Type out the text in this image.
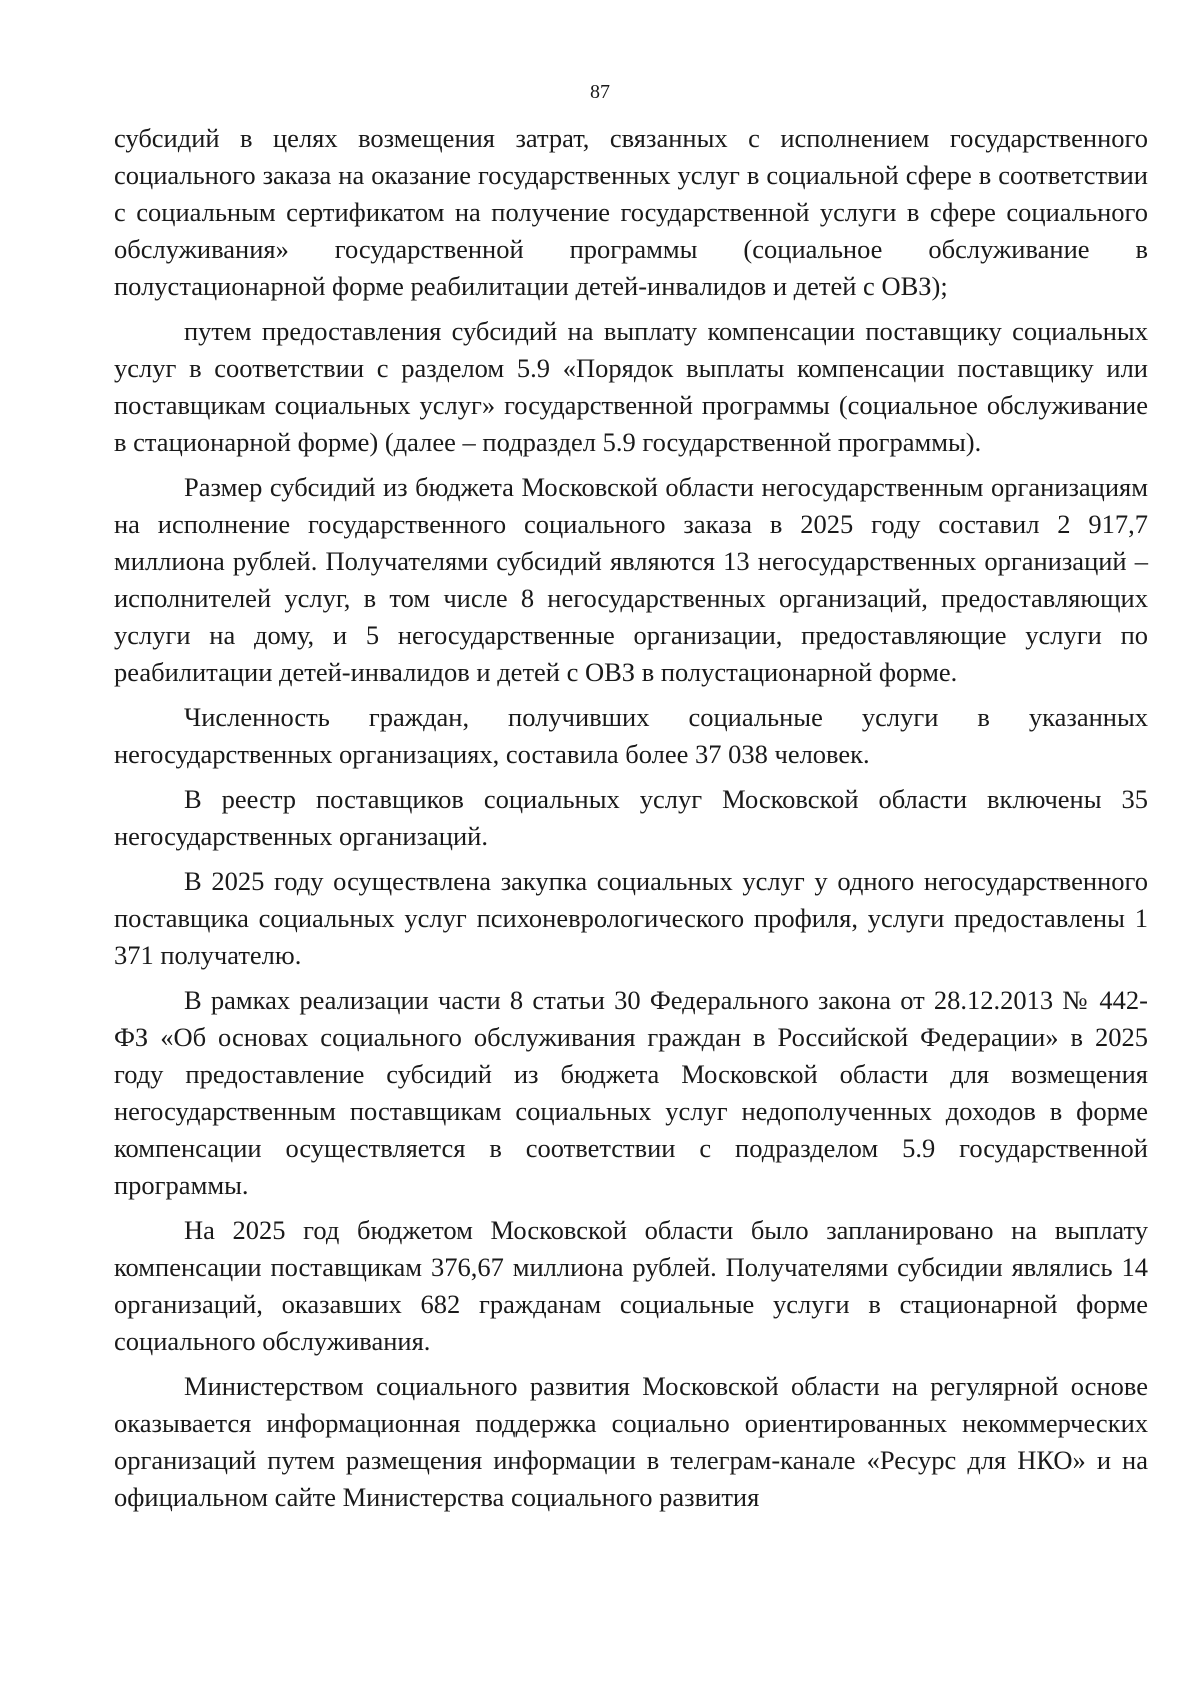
87

субсидий в целях возмещения затрат, связанных с исполнением государственного социального заказа на оказание государственных услуг в социальной сфере в соответствии с социальным сертификатом на получение государственной услуги в сфере социального обслуживания» государственной программы (социальное обслуживание в полустационарной форме реабилитации детей-инвалидов и детей с ОВЗ);

путем предоставления субсидий на выплату компенсации поставщику социальных услуг в соответствии с разделом 5.9 «Порядок выплаты компенсации поставщику или поставщикам социальных услуг» государственной программы (социальное обслуживание в стационарной форме) (далее – подраздел 5.9 государственной программы).

Размер субсидий из бюджета Московской области негосударственным организациям на исполнение государственного социального заказа в 2025 году составил 2 917,7 миллиона рублей. Получателями субсидий являются 13 негосударственных организаций – исполнителей услуг, в том числе 8 негосударственных организаций, предоставляющих услуги на дому, и 5 негосударственные организации, предоставляющие услуги по реабилитации детей-инвалидов и детей с ОВЗ в полустационарной форме.

Численность граждан, получивших социальные услуги в указанных негосударственных организациях, составила более 37 038 человек.

В реестр поставщиков социальных услуг Московской области включены 35 негосударственных организаций.

В 2025 году осуществлена закупка социальных услуг у одного негосударственного поставщика социальных услуг психоневрологического профиля, услуги предоставлены 1 371 получателю.

В рамках реализации части 8 статьи 30 Федерального закона от 28.12.2013 № 442-ФЗ «Об основах социального обслуживания граждан в Российской Федерации» в 2025 году предоставление субсидий из бюджета Московской области для возмещения негосударственным поставщикам социальных услуг недополученных доходов в форме компенсации осуществляется в соответствии с подразделом 5.9 государственной программы.

На 2025 год бюджетом Московской области было запланировано на выплату компенсации поставщикам 376,67 миллиона рублей. Получателями субсидии являлись 14 организаций, оказавших 682 гражданам социальные услуги в стационарной форме социального обслуживания.

Министерством социального развития Московской области на регулярной основе оказывается информационная поддержка социально ориентированных некоммерческих организаций путем размещения информации в телеграм-канале «Ресурс для НКО» и на официальном сайте Министерства социального развития
